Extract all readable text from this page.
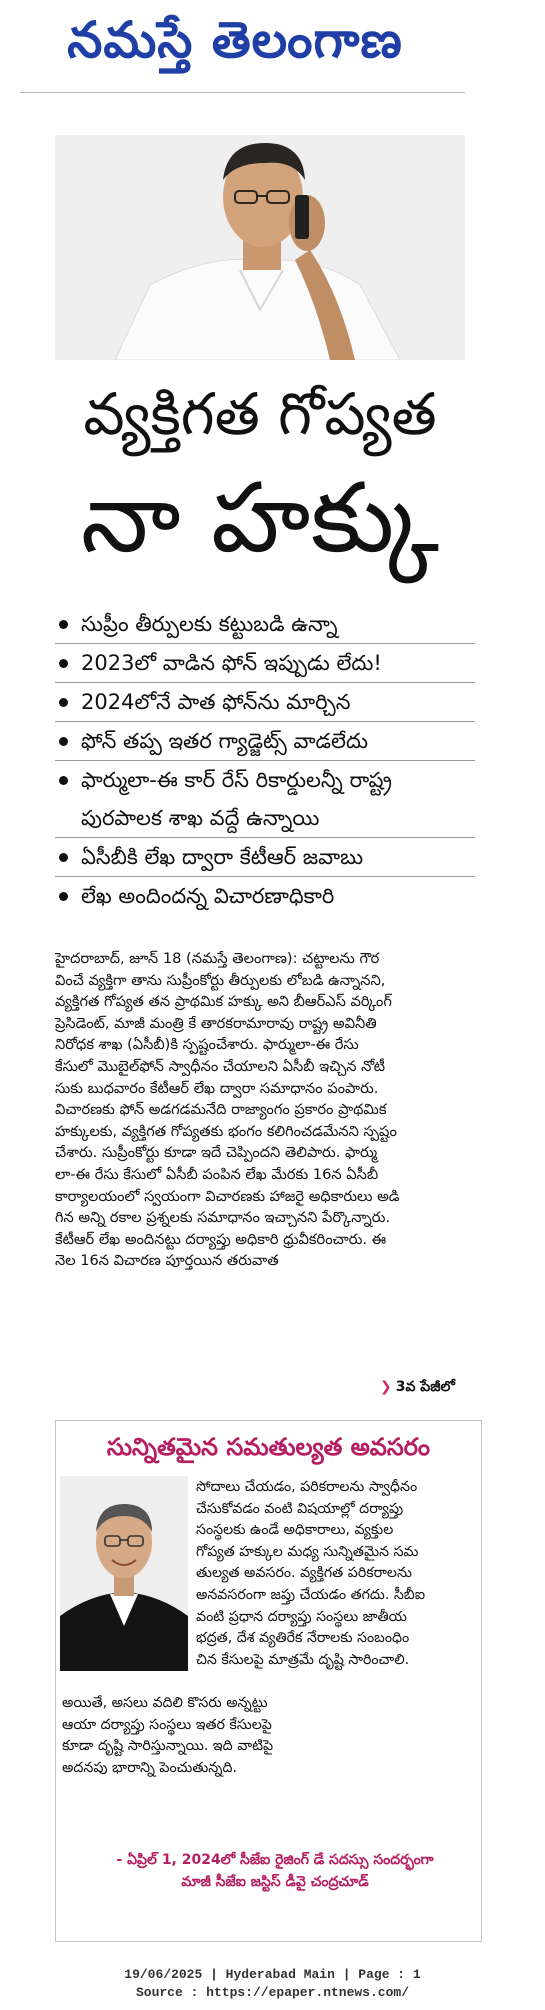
నమస్తే తెలంగాణ
వ్యక్తిగత గోప్యత
నా హక్కు
సుప్రీం తీర్పులకు కట్టుబడి ఉన్నా
2023లో వాడిన ఫోన్ ఇప్పుడు లేదు!
2024లోనే పాత ఫోన్‌ను మార్చిన
ఫోన్ తప్ప ఇతర గ్యాడ్జెట్స్ వాడలేదు
ఫార్ములా-ఈ కార్ రేస్ రికార్డులన్నీ రాష్ట్ర పురపాలక శాఖ వద్దే ఉన్నాయి
ఏసీబీకి లేఖ ద్వారా కేటీఆర్ జవాబు
లేఖ అందిందన్న విచారణాధికారి
హైదరాబాద్, జూన్ 18 (నమస్తే తెలంగాణ): చట్టాలను గౌర
వించే వ్యక్తిగా తాను సుప్రీంకోర్టు తీర్పులకు లోబడి ఉన్నానని,
వ్యక్తిగత గోప్యత తన ప్రాథమిక హక్కు అని బీఆర్ఎస్ వర్కింగ్
ప్రెసిడెంట్, మాజీ మంత్రి కే తారకరామారావు రాష్ట్ర అవినీతి
నిరోధక శాఖ (ఏసీబీ)కి స్పష్టంచేశారు. ఫార్ములా-ఈ రేసు
కేసులో మొబైల్‌ఫోన్ స్వాధీనం చేయాలని ఏసీబీ ఇచ్చిన నోటీ
సుకు బుధవారం కేటీఆర్ లేఖ ద్వారా సమాధానం పంపారు.
విచారణకు ఫోన్ అడగడమనేది రాజ్యాంగం ప్రకారం ప్రాథమిక
హక్కులకు, వ్యక్తిగత గోప్యతకు భంగం కలిగించడమేనని స్పష్టం
చేశారు. సుప్రీంకోర్టు కూడా ఇదే చెప్పిందని తెలిపారు. ఫార్ము
లా-ఈ రేసు కేసులో ఏసీబీ పంపిన లేఖ మేరకు 16న ఏసీబీ
కార్యాలయంలో స్వయంగా విచారణకు హాజరై అధికారులు అడి
గిన అన్ని రకాల ప్రశ్నలకు సమాధానం ఇచ్చానని పేర్కొన్నారు.
కేటీఆర్ లేఖ అందినట్టు దర్యాప్తు అధికారి ధ్రువీకరించారు. ఈ
నెల 16న విచారణ పూర్తయిన తరువాత
❯ 3వ పేజీలో
సున్నితమైన సమతుల్యత అవసరం
సోదాలు చేయడం, పరికరాలను స్వాధీనం
చేసుకోవడం వంటి విషయాల్లో దర్యాప్తు
సంస్థలకు ఉండే అధికారాలు, వ్యక్తుల
గోప్యత హక్కుల మధ్య సున్నితమైన సమ
తుల్యత అవసరం. వ్యక్తిగత పరికరాలను
అనవసరంగా జప్తు చేయడం తగదు. సీబీఐ
వంటి ప్రధాన దర్యాప్తు సంస్థలు జాతీయ
భద్రత, దేశ వ్యతిరేక నేరాలకు సంబంధిం
చిన కేసులపై మాత్రమే దృష్టి సారించాలి.
అయితే, అసలు వదిలి కొసరు అన్నట్టు
ఆయా దర్యాప్తు సంస్థలు ఇతర కేసులపై
కూడా దృష్టి సారిస్తున్నాయి. ఇది వాటిపై
అదనపు భారాన్ని పెంచుతున్నది.
- ఏప్రిల్ 1, 2024లో సీజేఐ రైజింగ్ డే సదస్సు సందర్భంగా
మాజీ సీజేఐ జస్టిస్ డీవై చంద్రచూడ్
19/06/2025 | Hyderabad Main | Page : 1
Source : https://epaper.ntnews.com/
